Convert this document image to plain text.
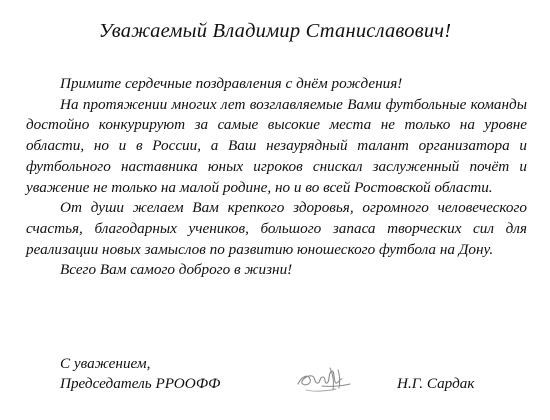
Уважаемый Владимир Станиславович!

Примите сердечные поздравления с днём рождения!

На протяжении многих лет возглавляемые Вами футбольные команды достойно конкурируют за самые высокие места не только на уровне области, но и в России, а Ваш незаурядный талант организатора и футбольного наставника юных игроков снискал заслуженный почёт и уважение не только на малой родине, но и во всей Ростовской области.

От души желаем Вам крепкого здоровья, огромного человеческого счастья, благодарных учеников, большого запаса творческих сил для реализации новых замыслов по развитию юношеского футбола на Дону.

Всего Вам самого доброго в жизни!

С уважением,
Председатель РРООФФ	Н.Г. Сардак
